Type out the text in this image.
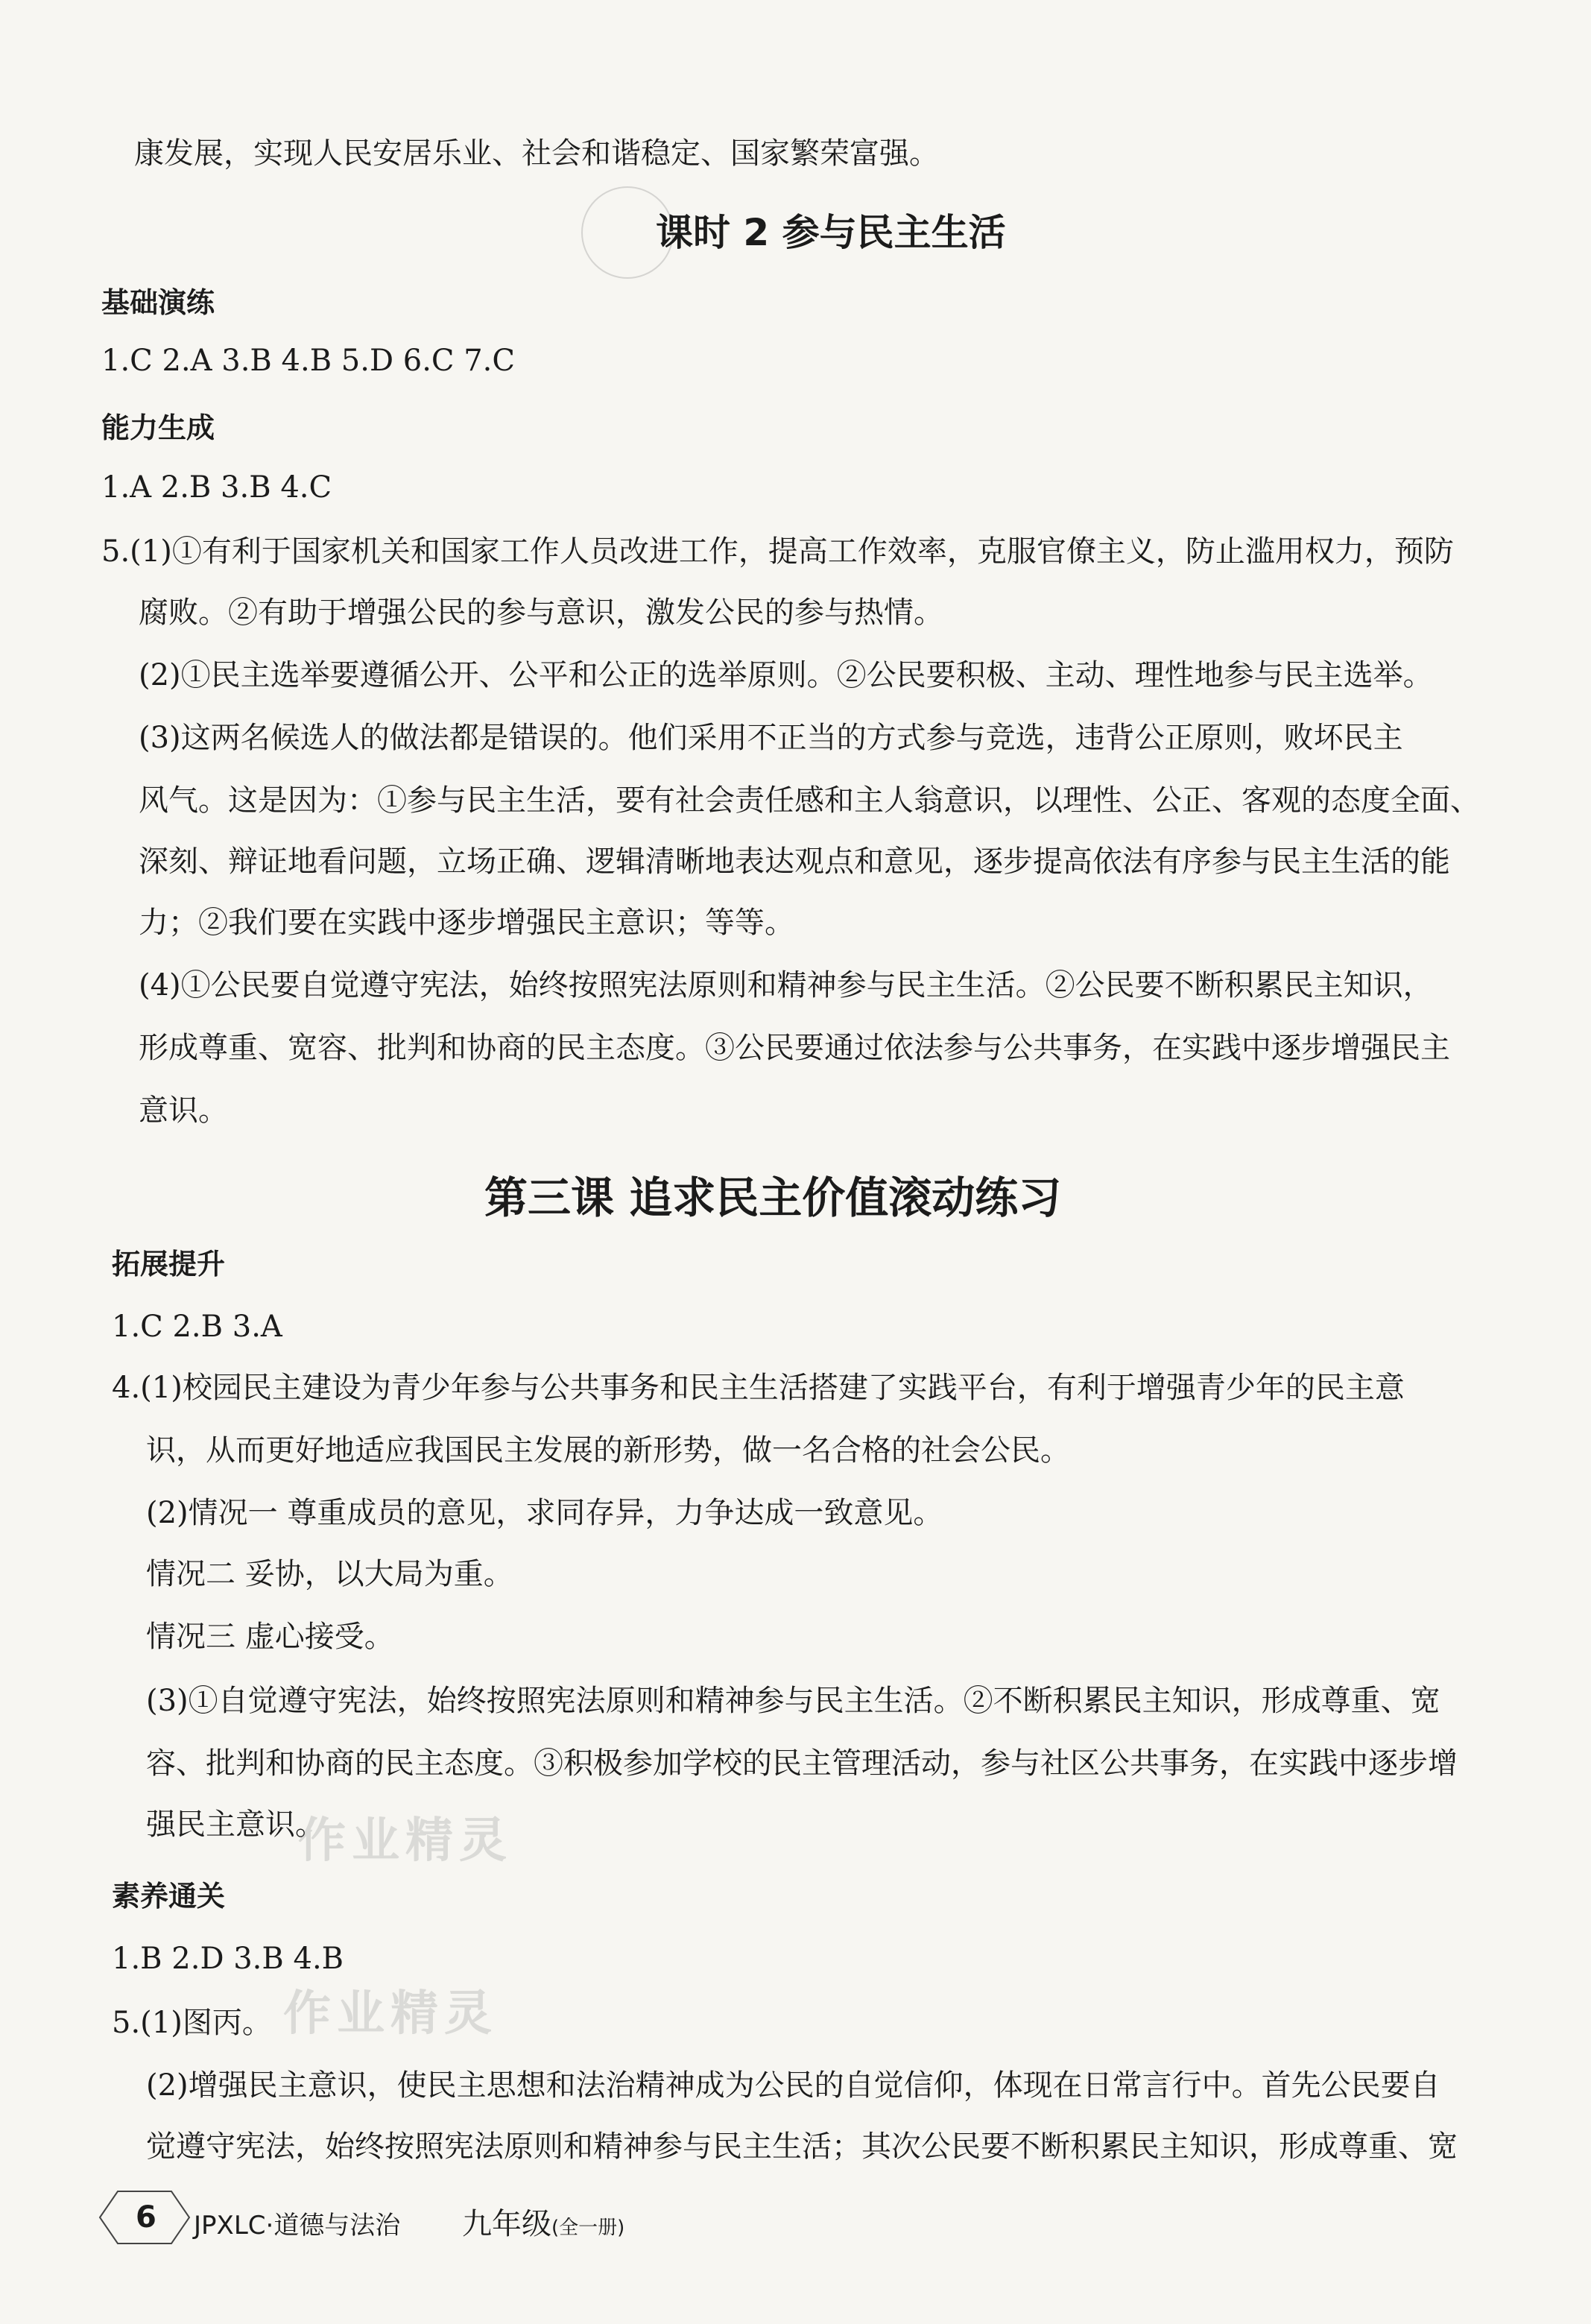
康发展，实现人民安居乐业、社会和谐稳定、国家繁荣富强。
课时 2 参与民主生活
基础演练
1.C 2.A 3.B 4.B 5.D 6.C 7.C
能力生成
1.A 2.B 3.B 4.C
5.(1)①有利于国家机关和国家工作人员改进工作，提高工作效率，克服官僚主义，防止滥用权力，预防
腐败。②有助于增强公民的参与意识，激发公民的参与热情。
(2)①民主选举要遵循公开、公平和公正的选举原则。②公民要积极、主动、理性地参与民主选举。
(3)这两名候选人的做法都是错误的。他们采用不正当的方式参与竞选，违背公正原则，败坏民主
风气。这是因为：①参与民主生活，要有社会责任感和主人翁意识，以理性、公正、客观的态度全面、
深刻、辩证地看问题，立场正确、逻辑清晰地表达观点和意见，逐步提高依法有序参与民主生活的能
力；②我们要在实践中逐步增强民主意识；等等。
(4)①公民要自觉遵守宪法，始终按照宪法原则和精神参与民主生活。②公民要不断积累民主知识，
形成尊重、宽容、批判和协商的民主态度。③公民要通过依法参与公共事务，在实践中逐步增强民主
意识。
第三课 追求民主价值滚动练习
拓展提升
1.C 2.B 3.A
4.(1)校园民主建设为青少年参与公共事务和民主生活搭建了实践平台，有利于增强青少年的民主意
识，从而更好地适应我国民主发展的新形势，做一名合格的社会公民。
(2)情况一 尊重成员的意见，求同存异，力争达成一致意见。
情况二 妥协，以大局为重。
情况三 虚心接受。
(3)①自觉遵守宪法，始终按照宪法原则和精神参与民主生活。②不断积累民主知识，形成尊重、宽
容、批判和协商的民主态度。③积极参加学校的民主管理活动，参与社区公共事务，在实践中逐步增
强民主意识。
作业精灵
素养通关
1.B 2.D 3.B 4.B
5.(1)图丙。 作业精灵
(2)增强民主意识，使民主思想和法治精神成为公民的自觉信仰，体现在日常言行中。首先公民要自
觉遵守宪法，始终按照宪法原则和精神参与民主生活；其次公民要不断积累民主知识，形成尊重、宽
6 JPXLC·道德与法治 九年级(全一册)
